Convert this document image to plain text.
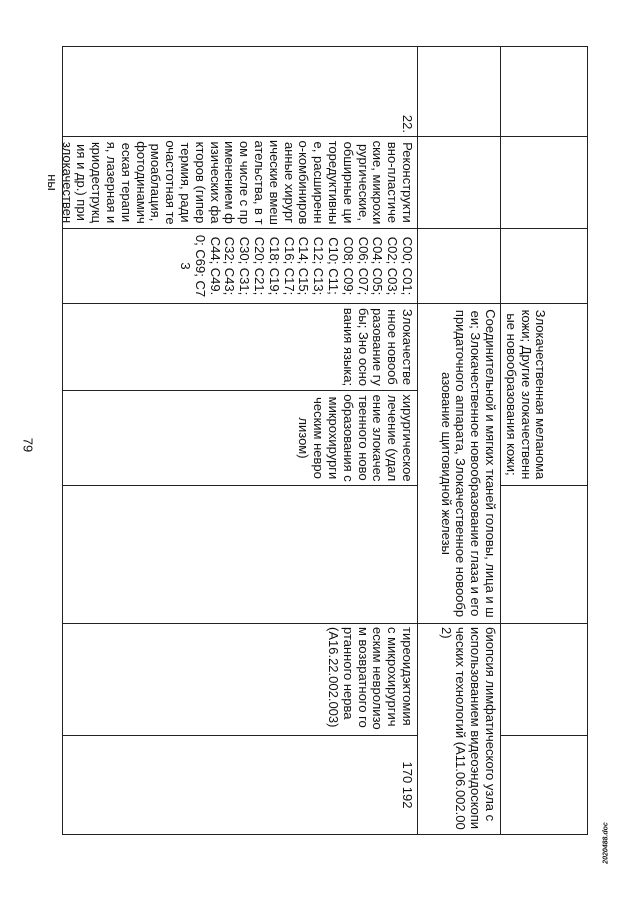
79
2020488.doc
Злокачественная меланома кожи; Другие злокачественные новообразования кожи;
Соединительной и мягких тканей головы, лица и шеи; Злокачественное новообразование глаза и его придаточного аппарата, Злокачественное новообразование щитовидной железы
биопсия лимфатического узла с использованием видеоэндоскопических технологий (А11.06.002.002)
22.
Реконструктивно-пластические, микрохирургические, обширные циторедуктивные, расширенно-комбинированные хирургические вмешательства, в том числе с применением физических факторов (гипертермия, радиочастотная термоаблация, фотодинамическая терапия, лазерная и криодеструкция и др.) при злокачественны
С00; С01; С02; С03; С04; С05; С06; С07; С08; С09; С10; С11; С12; С13; С14; С15; С16; С17; С18; С19; С20; С21; С30; С31; С32; С43; С44; С49.0; С69; С73
Злокачественное новообразование губы; Зно основания языка;
хирургическое лечение (удаление злокачественного новообразования с микрохирургическим невролизом)
тиреоидэктомия с микрохирургическим невролизом возвратного гортанного нерва (А16.22.002.003)
170 192
